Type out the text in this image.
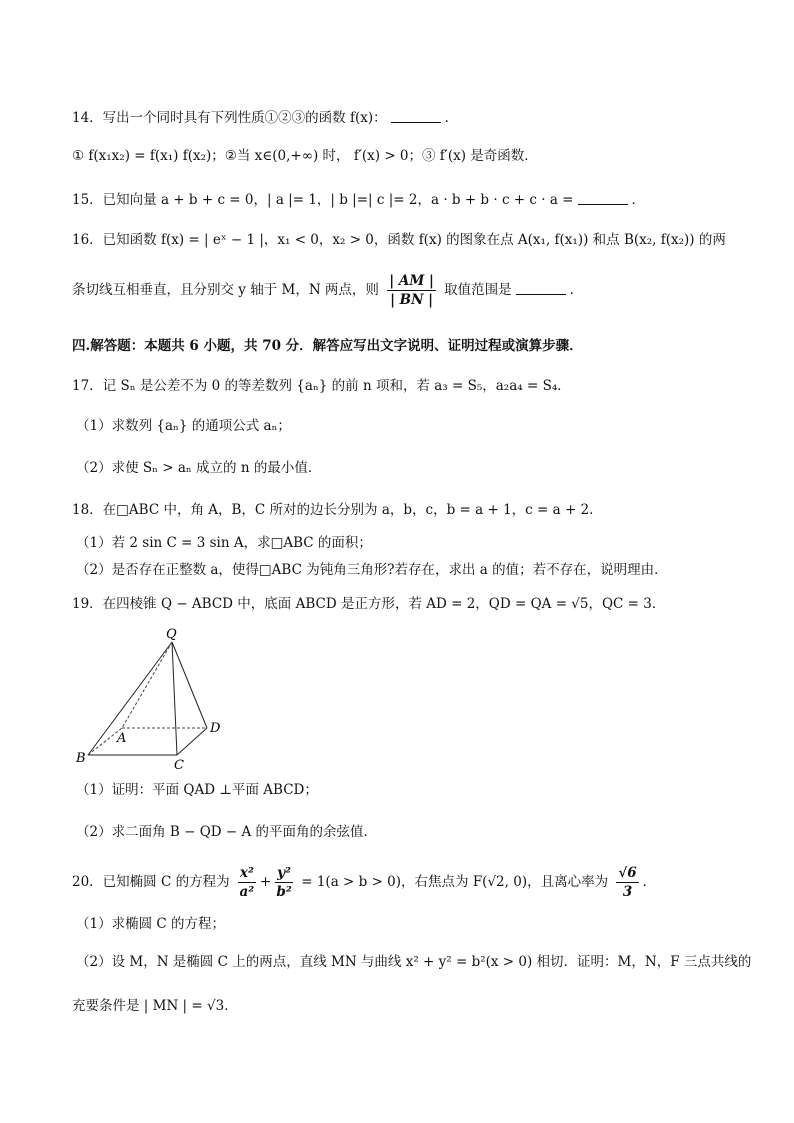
14．写出一个同时具有下列性质①②③的函数 f(x)：	．
① f(x₁x₂) = f(x₁) f(x₂)；②当 x∈(0,+∞) 时， f′(x) > 0；③ f′(x) 是奇函数．
15．已知向量 a + b + c = 0，| a |= 1，| b |=| c |= 2，a · b + b · c + c · a =	．
16．已知函数 f(x) = | eˣ − 1 |，x₁ < 0，x₂ > 0，函数 f(x) 的图象在点 A(x₁, f(x₁)) 和点 B(x₂, f(x₂)) 的两
条切线互相垂直，且分别交 y 轴于 M，N 两点，则 $\frac{| AM |}{| BN |}$ 取值范围是	．
四.解答题：本题共 6 小题，共 70 分．解答应写出文字说明、证明过程或演算步骤．
17．记 Sₙ 是公差不为 0 的等差数列 {aₙ} 的前 n 项和，若 a₃ = S₅，a₂a₄ = S₄．
（1）求数列 {aₙ} 的通项公式 aₙ；
（2）求使 Sₙ > aₙ 成立的 n 的最小值．
18．在□ABC 中，角 A，B，C 所对的边长分别为 a，b，c，b = a + 1，c = a + 2．
（1）若 2 sin C = 3 sin A，求□ABC 的面积；
（2）是否存在正整数 a，使得□ABC 为钝角三角形?若存在，求出 a 的值；若不存在，说明理由．
19．在四棱锥 Q − ABCD 中，底面 ABCD 是正方形，若 AD = 2，QD = QA = √5，QC = 3．
Q
A
B	C
D
（1）证明：平面 QAD ⊥平面 ABCD；
（2）求二面角 B − QD − A 的平面角的余弦值．
20．已知椭圆 C 的方程为 $\frac{\text{x²}}{\text{a²}} + \frac{\text{y²}}{\text{b²}} = 1(a > b > 0)$，右焦点为 F(√2, 0)，且离心率为 $\frac{√6}{3}$ ．
（1）求椭圆 C 的方程；
（2）设 M，N 是椭圆 C 上的两点，直线 MN 与曲线 x² + y² = b²(x > 0) 相切．证明：M，N，F 三点共线的
充要条件是 | MN | = √3．
